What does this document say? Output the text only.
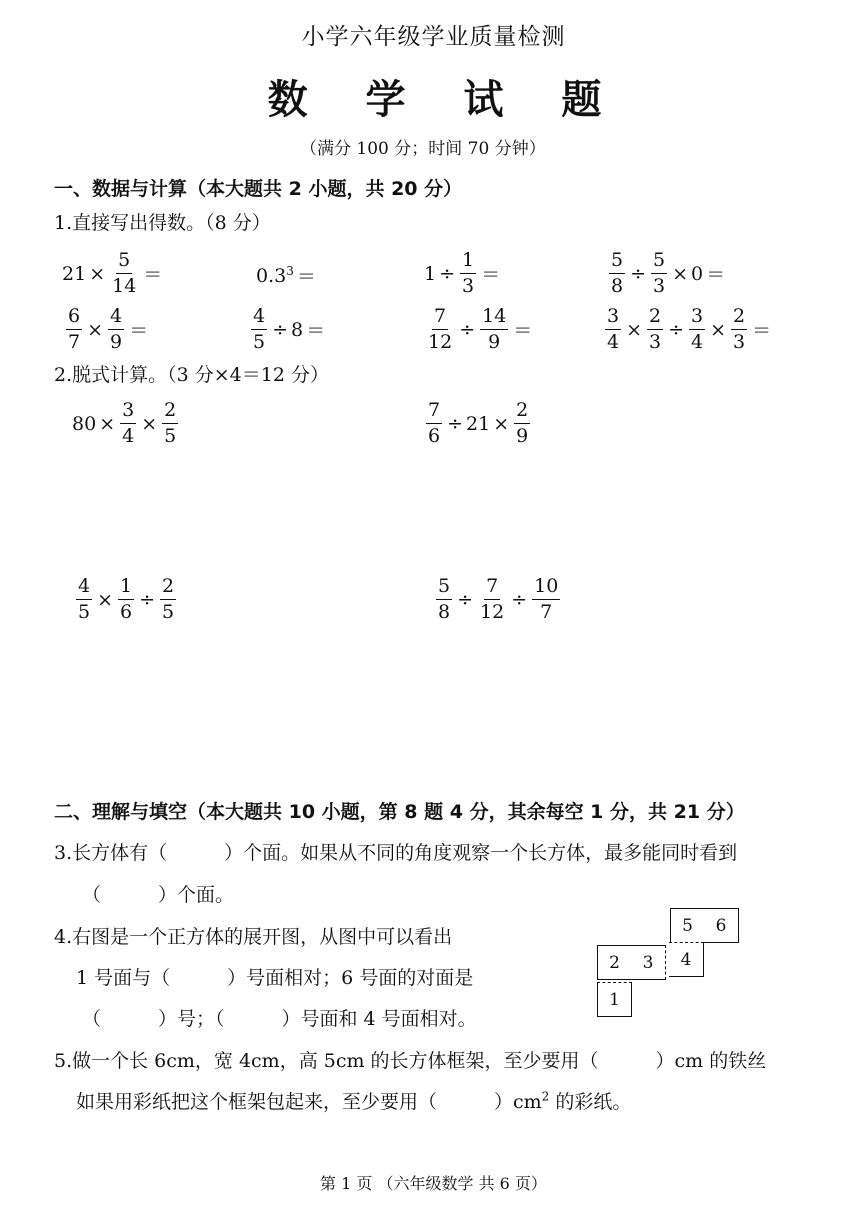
小学六年级学业质量检测
数 学 试 题
（满分 100 分；时间 70 分钟）
一、数据与计算（本大题共 2 小题，共 20 分）
1.直接写出得数。（8 分）
$21 \times \frac{5}{14}$ ＝	$0.3^3$ ＝	$1 \div \frac{1}{3}$ ＝	$\frac{5}{8} \div \frac{5}{3} \times 0$ ＝
$\frac{6}{7} \times \frac{4}{9}$ ＝	$\frac{4}{5} \div 8$ ＝	$\frac{7}{12} \div \frac{14}{9}$ ＝	$\frac{3}{4} \times \frac{2}{3} \div \frac{3}{4} \times \frac{2}{3}$ ＝
2.脱式计算。（3 分×4＝12 分）
$80 \times \frac{3}{4} \times \frac{2}{5}$	$\frac{7}{6} \div 21 \times \frac{2}{9}$
$\frac{4}{5} \times \frac{1}{6} \div \frac{2}{5}$	$\frac{5}{8} \div \frac{7}{12} \div \frac{10}{7}$
二、理解与填空（本大题共 10 小题，第 8 题 4 分，其余每空 1 分，共 21 分）
3.长方体有（　　　）个面。如果从不同的角度观察一个长方体，最多能同时看到
（　　　）个面。
4.右图是一个正方体的展开图，从图中可以看出
1 号面与（　　　）号面相对；6 号面的对面是
（　　　）号；（　　　）号面和 4 号面相对。
5 6
2 3 4
1
5.做一个长 6cm，宽 4cm，高 5cm 的长方体框架，至少要用（　　　）cm 的铁丝
如果用彩纸把这个框架包起来，至少要用（　　　）$cm^2$ 的彩纸。
第 1 页 （六年级数学 共 6 页）
